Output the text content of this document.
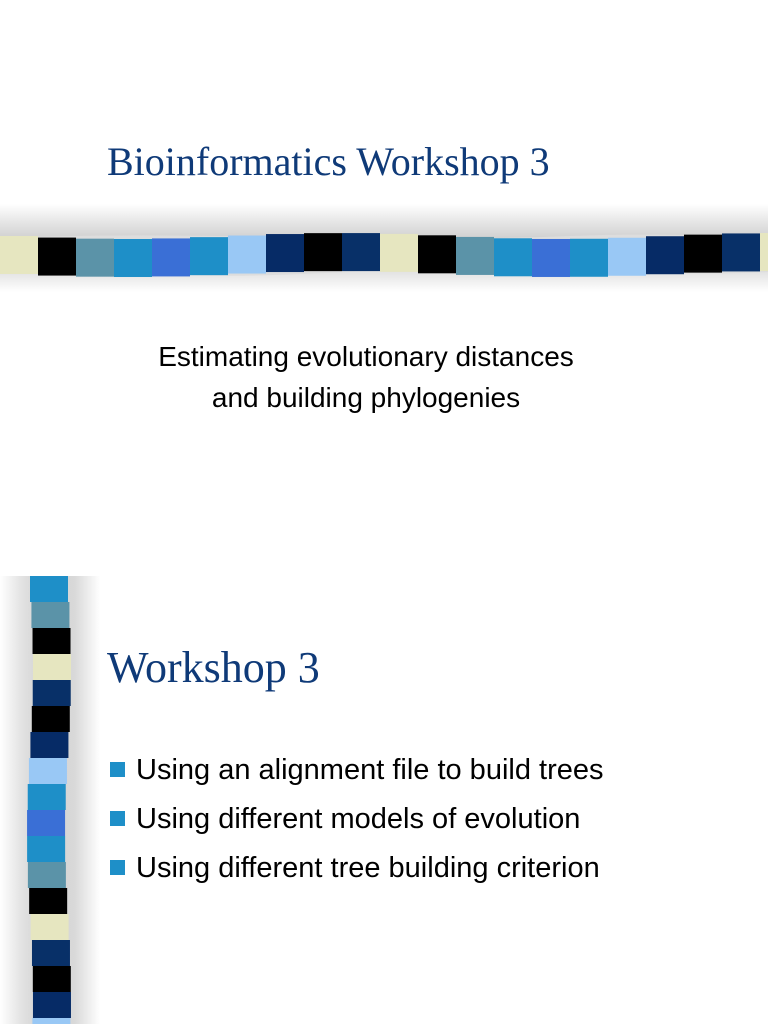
Bioinformatics Workshop 3
Estimating evolutionary distances
and building phylogenies
Workshop 3
Using an alignment file to build trees
Using different models of evolution
Using different tree building criterion
